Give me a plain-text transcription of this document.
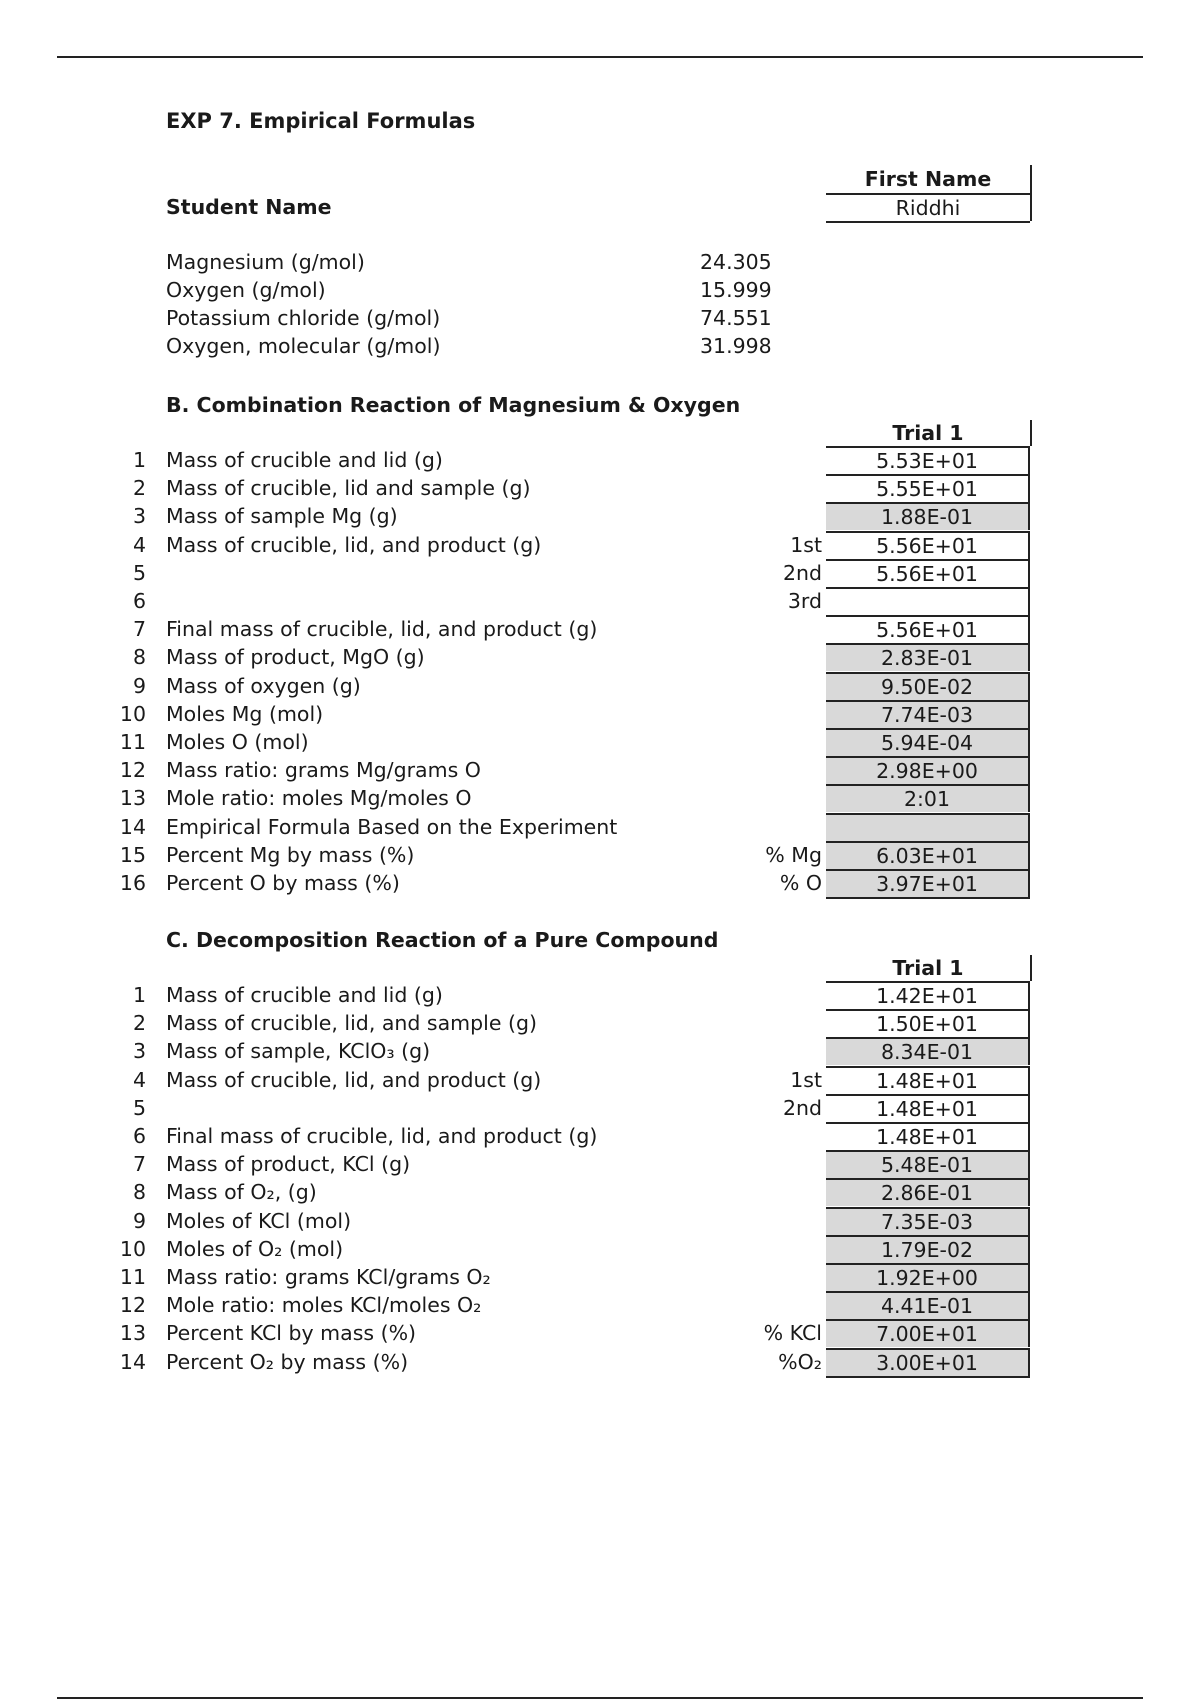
EXP 7. Empirical Formulas
First Name
Riddhi
Student Name
Magnesium (g/mol)	24.305
Oxygen (g/mol)	15.999
Potassium chloride (g/mol)	74.551
Oxygen, molecular (g/mol)	31.998
B. Combination Reaction of Magnesium & Oxygen
Trial 1
1 Mass of crucible and lid (g)	5.53E+01
2 Mass of crucible, lid and sample (g)	5.55E+01
3 Mass of sample Mg (g)	1.88E-01
4 Mass of crucible, lid, and product (g)	1st	5.56E+01
5	2nd	5.56E+01
6	3rd
7 Final mass of crucible, lid, and product (g)	5.56E+01
8 Mass of product, MgO (g)	2.83E-01
9 Mass of oxygen (g)	9.50E-02
10 Moles Mg (mol)	7.74E-03
11 Moles O (mol)	5.94E-04
12 Mass ratio: grams Mg/grams O	2.98E+00
13 Mole ratio: moles Mg/moles O	2:01
14 Empirical Formula Based on the Experiment
15 Percent Mg by mass (%)	% Mg	6.03E+01
16 Percent O by mass (%)	% O	3.97E+01
C. Decomposition Reaction of a Pure Compound
Trial 1
1 Mass of crucible and lid (g)	1.42E+01
2 Mass of crucible, lid, and sample (g)	1.50E+01
3 Mass of sample, KClO₃ (g)	8.34E-01
4 Mass of crucible, lid, and product (g)	1st	1.48E+01
5	2nd	1.48E+01
6 Final mass of crucible, lid, and product (g)	1.48E+01
7 Mass of product, KCl (g)	5.48E-01
8 Mass of O₂, (g)	2.86E-01
9 Moles of KCl (mol)	7.35E-03
10 Moles of O₂ (mol)	1.79E-02
11 Mass ratio: grams KCl/grams O₂	1.92E+00
12 Mole ratio: moles KCl/moles O₂	4.41E-01
13 Percent KCl by mass (%)	% KCl	7.00E+01
14 Percent O₂ by mass (%)	%O₂	3.00E+01
